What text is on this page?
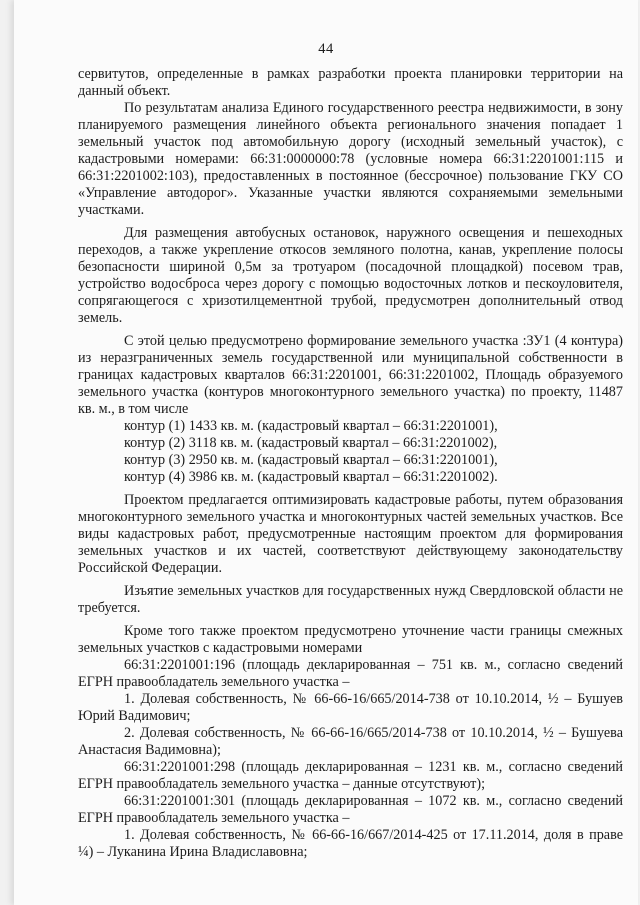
44

сервитутов, определенные в рамках разработки проекта планировки территории на данный объект.

По результатам анализа Единого государственного реестра недвижимости, в зону планируемого размещения линейного объекта регионального значения попадает 1 земельный участок под автомобильную дорогу (исходный земельный участок), с кадастровыми номерами: 66:31:0000000:78 (условные номера 66:31:2201001:115 и 66:31:2201002:103), предоставленных в постоянное (бессрочное) пользование ГКУ СО «Управление автодорог». Указанные участки являются сохраняемыми земельными участками.

Для размещения автобусных остановок, наружного освещения и пешеходных переходов, а также укрепление откосов земляного полотна, канав, укрепление полосы безопасности шириной 0,5м за тротуаром (посадочной площадкой) посевом трав, устройство водосброса через дорогу с помощью водосточных лотков и пескоуловителя, сопрягающегося с хризотилцементной трубой, предусмотрен дополнительный отвод земель.

С этой целью предусмотрено формирование земельного участка :ЗУ1 (4 контура) из неразграниченных земель государственной или муниципальной собственности в границах кадастровых кварталов 66:31:2201001, 66:31:2201002, Площадь образуемого земельного участка (контуров многоконтурного земельного участка) по проекту, 11487 кв. м., в том числе

контур (1) 1433 кв. м. (кадастровый квартал – 66:31:2201001),

контур (2) 3118 кв. м. (кадастровый квартал – 66:31:2201002),

контур (3) 2950 кв. м. (кадастровый квартал – 66:31:2201001),

контур (4) 3986 кв. м. (кадастровый квартал – 66:31:2201002).

Проектом предлагается оптимизировать кадастровые работы, путем образования многоконтурного земельного участка и многоконтурных частей земельных участков. Все виды кадастровых работ, предусмотренные настоящим проектом для формирования земельных участков и их частей, соответствуют действующему законодательству Российской Федерации.

Изъятие земельных участков для государственных нужд Свердловской области не требуется.

Кроме того также проектом предусмотрено уточнение части границы смежных земельных участков с кадастровыми номерами

66:31:2201001:196 (площадь декларированная – 751 кв. м., согласно сведений ЕГРН правообладатель земельного участка –

1. Долевая собственность, № 66-66-16/665/2014-738 от 10.10.2014, ½ – Бушуев Юрий Вадимович;

2. Долевая собственность, № 66-66-16/665/2014-738 от 10.10.2014, ½ – Бушуева Анастасия Вадимовна);

66:31:2201001:298 (площадь декларированная – 1231 кв. м., согласно сведений ЕГРН правообладатель земельного участка – данные отсутствуют);

66:31:2201001:301 (площадь декларированная – 1072 кв. м., согласно сведений ЕГРН правообладатель земельного участка –

1. Долевая собственность, № 66-66-16/667/2014-425 от 17.11.2014, доля в праве ¼) – Луканина Ирина Владиславовна;
